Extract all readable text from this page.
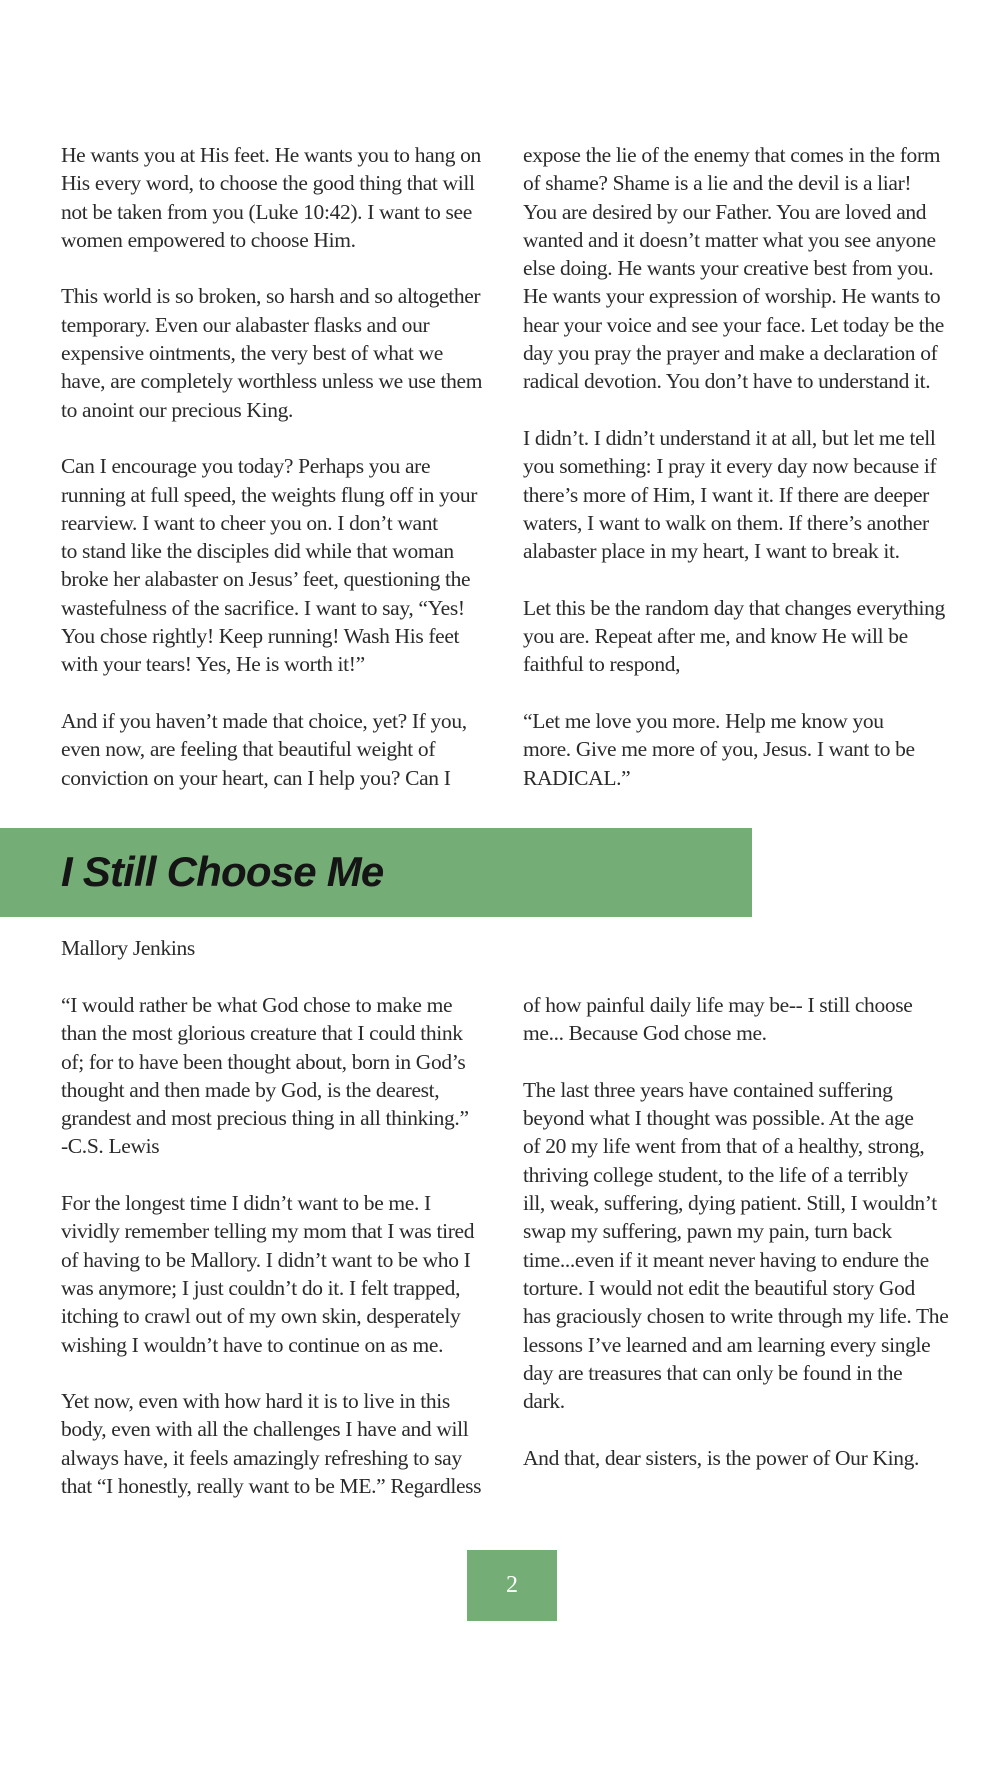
He wants you at His feet. He wants you to hang on
His every word, to choose the good thing that will
not be taken from you (Luke 10:42). I want to see
women empowered to choose Him.

This world is so broken, so harsh and so altogether
temporary. Even our alabaster flasks and our
expensive ointments, the very best of what we
have, are completely worthless unless we use them
to anoint our precious King.

Can I encourage you today? Perhaps you are
running at full speed, the weights flung off in your
rearview. I want to cheer you on. I don’t want
to stand like the disciples did while that woman
broke her alabaster on Jesus’ feet, questioning the
wastefulness of the sacrifice. I want to say, “Yes!
You chose rightly! Keep running! Wash His feet
with your tears! Yes, He is worth it!”

And if you haven’t made that choice, yet? If you,
even now, are feeling that beautiful weight of
conviction on your heart, can I help you? Can I

expose the lie of the enemy that comes in the form
of shame? Shame is a lie and the devil is a liar!
You are desired by our Father. You are loved and
wanted and it doesn’t matter what you see anyone
else doing. He wants your creative best from you.
He wants your expression of worship. He wants to
hear your voice and see your face. Let today be the
day you pray the prayer and make a declaration of
radical devotion. You don’t have to understand it.

I didn’t. I didn’t understand it at all, but let me tell
you something: I pray it every day now because if
there’s more of Him, I want it. If there are deeper
waters, I want to walk on them. If there’s another
alabaster place in my heart, I want to break it.

Let this be the random day that changes everything
you are. Repeat after me, and know He will be
faithful to respond,

“Let me love you more. Help me know you
more. Give me more of you, Jesus. I want to be
RADICAL.”

I Still Choose Me
Mallory Jenkins

“I would rather be what God chose to make me
than the most glorious creature that I could think
of; for to have been thought about, born in God’s
thought and then made by God, is the dearest,
grandest and most precious thing in all thinking.”
-C.S. Lewis

For the longest time I didn’t want to be me. I
vividly remember telling my mom that I was tired
of having to be Mallory. I didn’t want to be who I
was anymore; I just couldn’t do it. I felt trapped,
itching to crawl out of my own skin, desperately
wishing I wouldn’t have to continue on as me.

Yet now, even with how hard it is to live in this
body, even with all the challenges I have and will
always have, it feels amazingly refreshing to say
that “I honestly, really want to be ME.” Regardless

of how painful daily life may be-- I still choose
me... Because God chose me.

The last three years have contained suffering
beyond what I thought was possible. At the age
of 20 my life went from that of a healthy, strong,
thriving college student, to the life of a terribly
ill, weak, suffering, dying patient. Still, I wouldn’t
swap my suffering, pawn my pain, turn back
time...even if it meant never having to endure the
torture. I would not edit the beautiful story God
has graciously chosen to write through my life. The
lessons I’ve learned and am learning every single
day are treasures that can only be found in the
dark.

And that, dear sisters, is the power of Our King.

2
